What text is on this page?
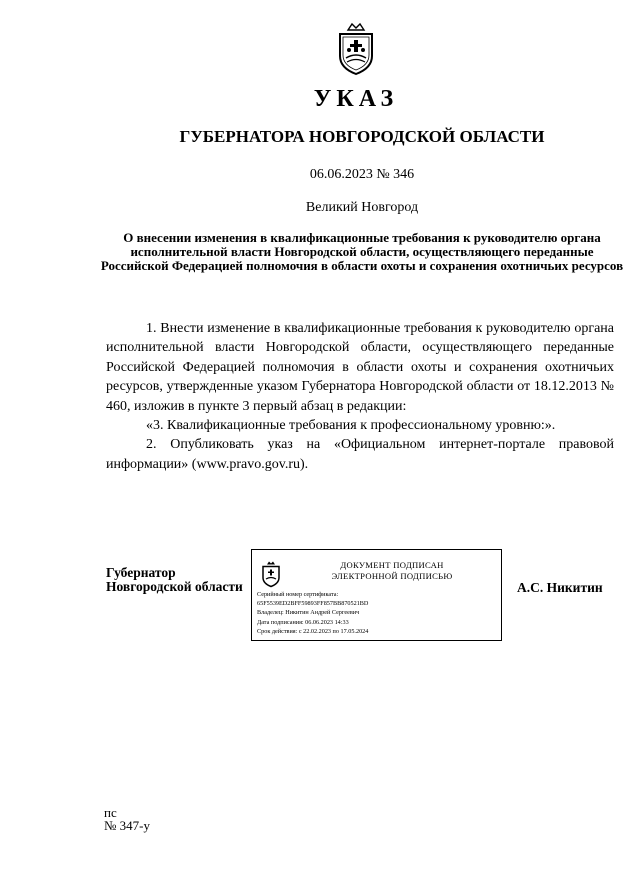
УКАЗ
ГУБЕРНАТОРА НОВГОРОДСКОЙ ОБЛАСТИ
06.06.2023 № 346
Великий Новгород
О внесении изменения в квалификационные требования к руководителю органа исполнительной власти Новгородской области, осуществляющего переданные Российской Федерацией полномочия в области охоты и сохранения охотничьих ресурсов

1. Внести изменение в квалификационные требования к руководителю органа исполнительной власти Новгородской области, осуществляющего переданные Российской Федерацией полномочия в области охоты и сохранения охотничьих ресурсов, утвержденные указом Губернатора Новгородской области от 18.12.2013 № 460, изложив в пункте 3 первый абзац в редакции:

«3. Квалификационные требования к профессиональному уровню:».

2. Опубликовать указ на «Официальном интернет-портале правовой информации» (www.pravo.gov.ru).

Губернатор
Новгородской области
ДОКУМЕНТ ПОДПИСАН
ЭЛЕКТРОННОЙ ПОДПИСЬЮ
Серийный номер сертификата:
65F5539ED2BFF59893FF857BB870521BD
Владелец: Никитин Андрей Сергеевич
Дата подписания: 06.06.2023 14:33
Срок действия: с 22.02.2023 по 17.05.2024
А.С. Никитин
пс
№ 347-у
